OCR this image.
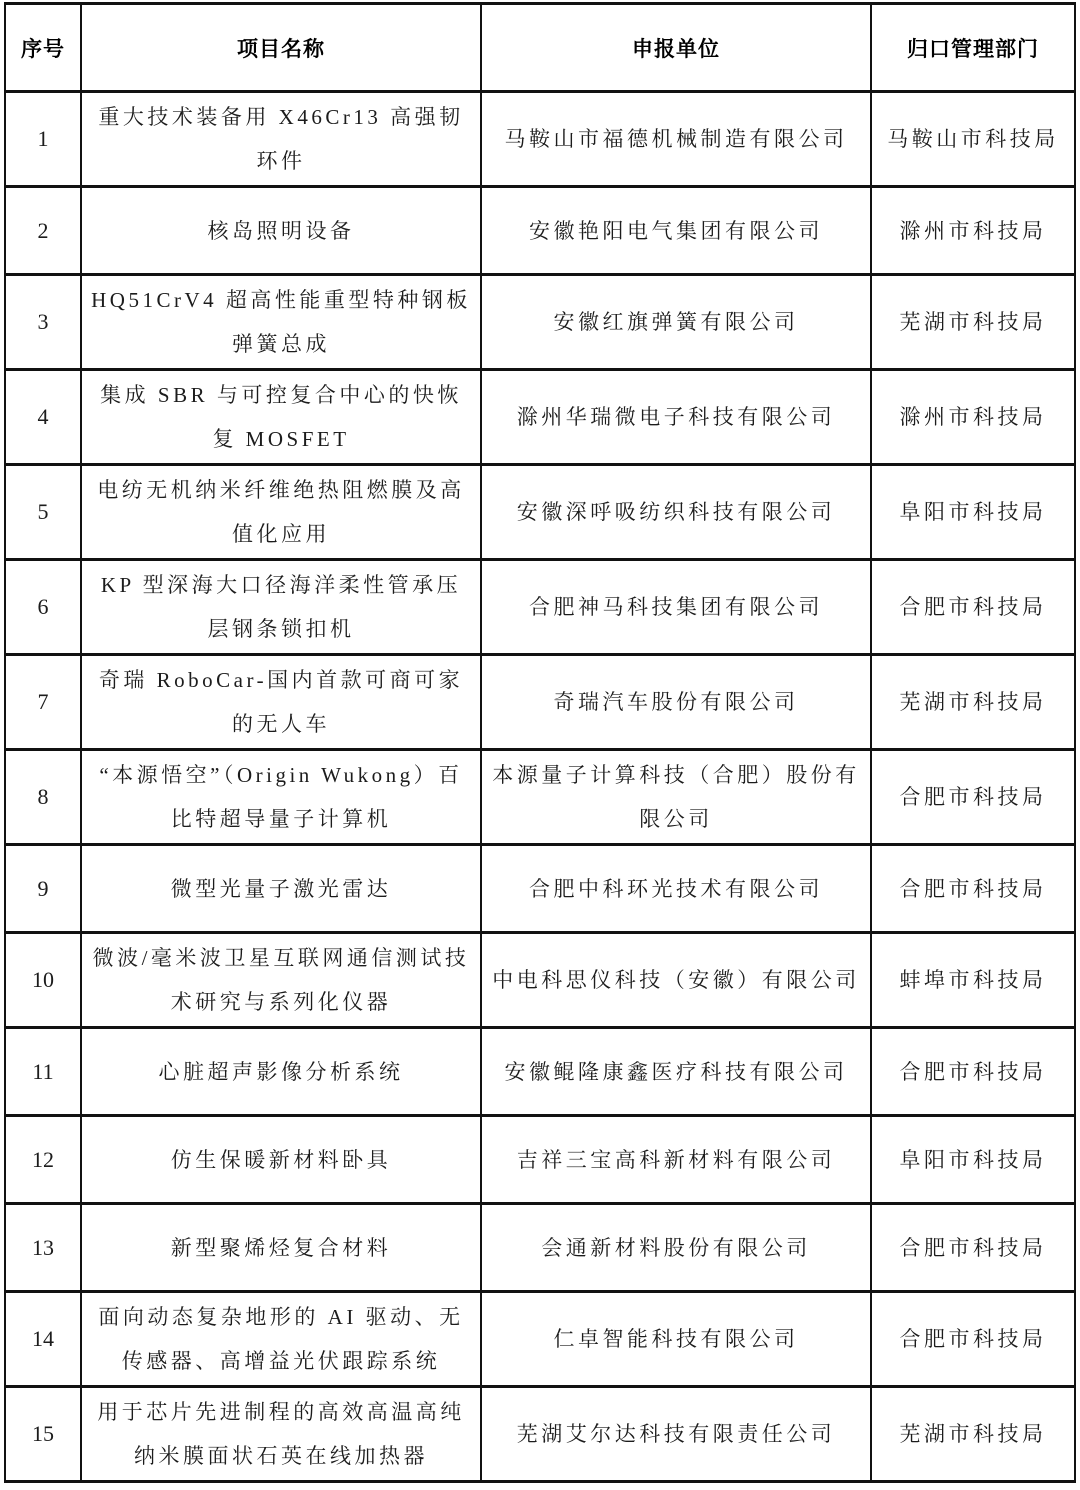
序号	项目名称	申报单位	归口管理部门
1	重大技术装备用 X46Cr13 高强韧环件	马鞍山市福德机械制造有限公司	马鞍山市科技局
2	核岛照明设备	安徽艳阳电气集团有限公司	滁州市科技局
3	HQ51CrV4 超高性能重型特种钢板弹簧总成	安徽红旗弹簧有限公司	芜湖市科技局
4	集成 SBR 与可控复合中心的快恢复 MOSFET	滁州华瑞微电子科技有限公司	滁州市科技局
5	电纺无机纳米纤维绝热阻燃膜及高值化应用	安徽深呼吸纺织科技有限公司	阜阳市科技局
6	KP 型深海大口径海洋柔性管承压层钢条锁扣机	合肥神马科技集团有限公司	合肥市科技局
7	奇瑞 RoboCar-国内首款可商可家的无人车	奇瑞汽车股份有限公司	芜湖市科技局
8	“本源悟空”（Origin Wukong）百比特超导量子计算机	本源量子计算科技（合肥）股份有限公司	合肥市科技局
9	微型光量子激光雷达	合肥中科环光技术有限公司	合肥市科技局
10	微波/毫米波卫星互联网通信测试技术研究与系列化仪器	中电科思仪科技（安徽）有限公司	蚌埠市科技局
11	心脏超声影像分析系统	安徽鲲隆康鑫医疗科技有限公司	合肥市科技局
12	仿生保暖新材料卧具	吉祥三宝高科新材料有限公司	阜阳市科技局
13	新型聚烯烃复合材料	会通新材料股份有限公司	合肥市科技局
14	面向动态复杂地形的 AI 驱动、无传感器、高增益光伏跟踪系统	仁卓智能科技有限公司	合肥市科技局
15	用于芯片先进制程的高效高温高纯纳米膜面状石英在线加热器	芜湖艾尔达科技有限责任公司	芜湖市科技局
